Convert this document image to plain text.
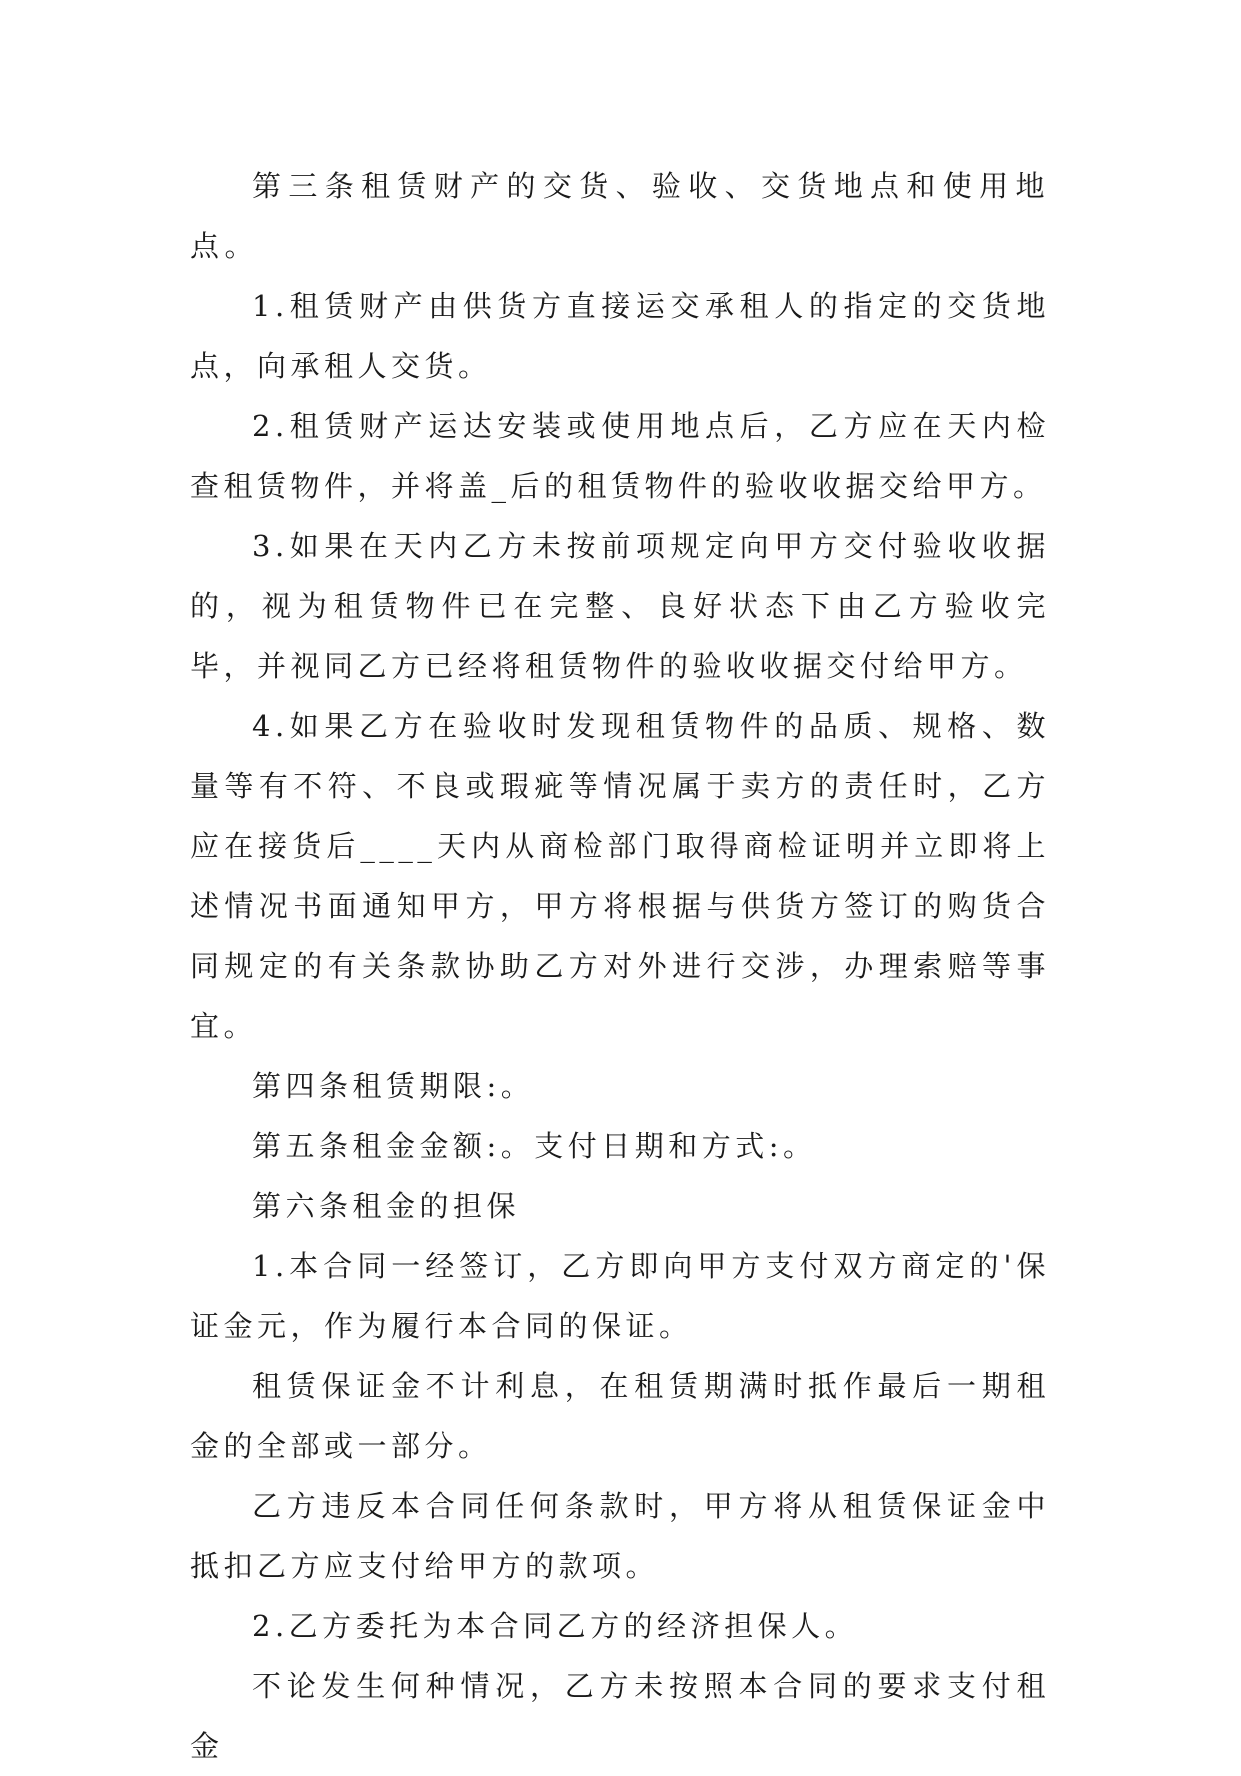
第三条租赁财产的交货、验收、交货地点和使用地点。

1.租赁财产由供货方直接运交承租人的指定的交货地点，向承租人交货。

2.租赁财产运达安装或使用地点后，乙方应在天内检查租赁物件，并将盖_后的租赁物件的验收收据交给甲方。

3.如果在天内乙方未按前项规定向甲方交付验收收据的，视为租赁物件已在完整、良好状态下由乙方验收完毕，并视同乙方已经将租赁物件的验收收据交付给甲方。

4.如果乙方在验收时发现租赁物件的品质、规格、数量等有不符、不良或瑕疵等情况属于卖方的责任时，乙方应在接货后____天内从商检部门取得商检证明并立即将上述情况书面通知甲方，甲方将根据与供货方签订的购货合同规定的有关条款协助乙方对外进行交涉，办理索赔等事宜。

第四条租赁期限:。

第五条租金金额:。支付日期和方式:。

第六条租金的担保

1.本合同一经签订，乙方即向甲方支付双方商定的'保证金元，作为履行本合同的保证。

租赁保证金不计利息，在租赁期满时抵作最后一期租金的全部或一部分。

乙方违反本合同任何条款时，甲方将从租赁保证金中抵扣乙方应支付给甲方的款项。

2.乙方委托为本合同乙方的经济担保人。

不论发生何种情况，乙方未按照本合同的要求支付租金
